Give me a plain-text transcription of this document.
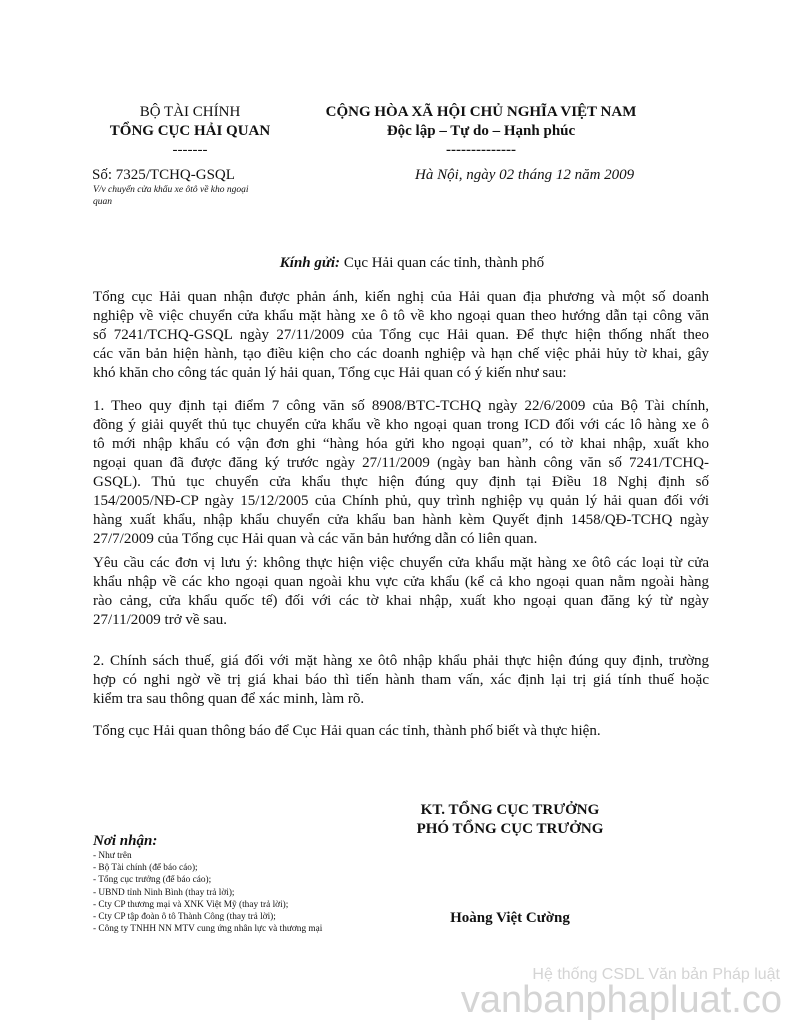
BỘ TÀI CHÍNH
TỔNG CỤC HẢI QUAN
-------
CỘNG HÒA XÃ HỘI CHỦ NGHĨA VIỆT NAM
Độc lập – Tự do – Hạnh phúc
--------------
Số: 7325/TCHQ-GSQL
V/v chuyển cửa khẩu xe ôtô về kho ngoại
quan
Hà Nội, ngày 02 tháng 12 năm 2009
Kính gửi: Cục Hải quan các tỉnh, thành phố
Tổng cục Hải quan nhận được phản ánh, kiến nghị của Hải quan địa phương và một số doanh
nghiệp về việc chuyển cửa khẩu mặt hàng xe ô tô về kho ngoại quan theo hướng dẫn tại công văn
số 7241/TCHQ-GSQL ngày 27/11/2009 của Tổng cục Hải quan. Để thực hiện thống nhất theo
các văn bản hiện hành, tạo điều kiện cho các doanh nghiệp và hạn chế việc phải hủy tờ khai, gây
khó khăn cho công tác quản lý hải quan, Tổng cục Hải quan có ý kiến như sau:
1. Theo quy định tại điểm 7 công văn số 8908/BTC-TCHQ ngày 22/6/2009 của Bộ Tài chính,
đồng ý giải quyết thủ tục chuyển cửa khẩu về kho ngoại quan trong ICD đối với các lô hàng xe ô
tô mới nhập khẩu có vận đơn ghi “hàng hóa gửi kho ngoại quan”, có tờ khai nhập, xuất kho
ngoại quan đã được đăng ký trước ngày 27/11/2009 (ngày ban hành công văn số 7241/TCHQ-
GSQL). Thủ tục chuyển cửa khẩu thực hiện đúng quy định tại Điều 18 Nghị định số
154/2005/NĐ-CP ngày 15/12/2005 của Chính phủ, quy trình nghiệp vụ quản lý hải quan đối với
hàng xuất khẩu, nhập khẩu chuyển cửa khẩu ban hành kèm Quyết định 1458/QĐ-TCHQ ngày
27/7/2009 của Tổng cục Hải quan và các văn bản hướng dẫn có liên quan.
Yêu cầu các đơn vị lưu ý: không thực hiện việc chuyển cửa khẩu mặt hàng xe ôtô các loại từ cửa
khẩu nhập về các kho ngoại quan ngoài khu vực cửa khẩu (kể cả kho ngoại quan nằm ngoài hàng
rào cảng, cửa khẩu quốc tế) đối với các tờ khai nhập, xuất kho ngoại quan đăng ký từ ngày
27/11/2009 trở về sau.
2. Chính sách thuế, giá đối với mặt hàng xe ôtô nhập khẩu phải thực hiện đúng quy định, trường
hợp có nghi ngờ về trị giá khai báo thì tiến hành tham vấn, xác định lại trị giá tính thuế hoặc
kiểm tra sau thông quan để xác minh, làm rõ.
Tổng cục Hải quan thông báo để Cục Hải quan các tỉnh, thành phố biết và thực hiện.
Nơi nhận:
- Như trên
- Bộ Tài chính (để báo cáo);
- Tổng cục trưởng (để báo cáo);
- UBND tỉnh Ninh Bình (thay trả lời);
- Cty CP thương mại và XNK Việt Mỹ (thay trả lời);
- Cty CP tập đoàn ô tô Thành Công (thay trả lời);
- Công ty TNHH NN MTV cung ứng nhân lực và thương mại
KT. TỔNG CỤC TRƯỞNG
PHÓ TỔNG CỤC TRƯỞNG
Hoàng Việt Cường
Hệ thống CSDL Văn bản Pháp luật
vanbanphapluat.co
